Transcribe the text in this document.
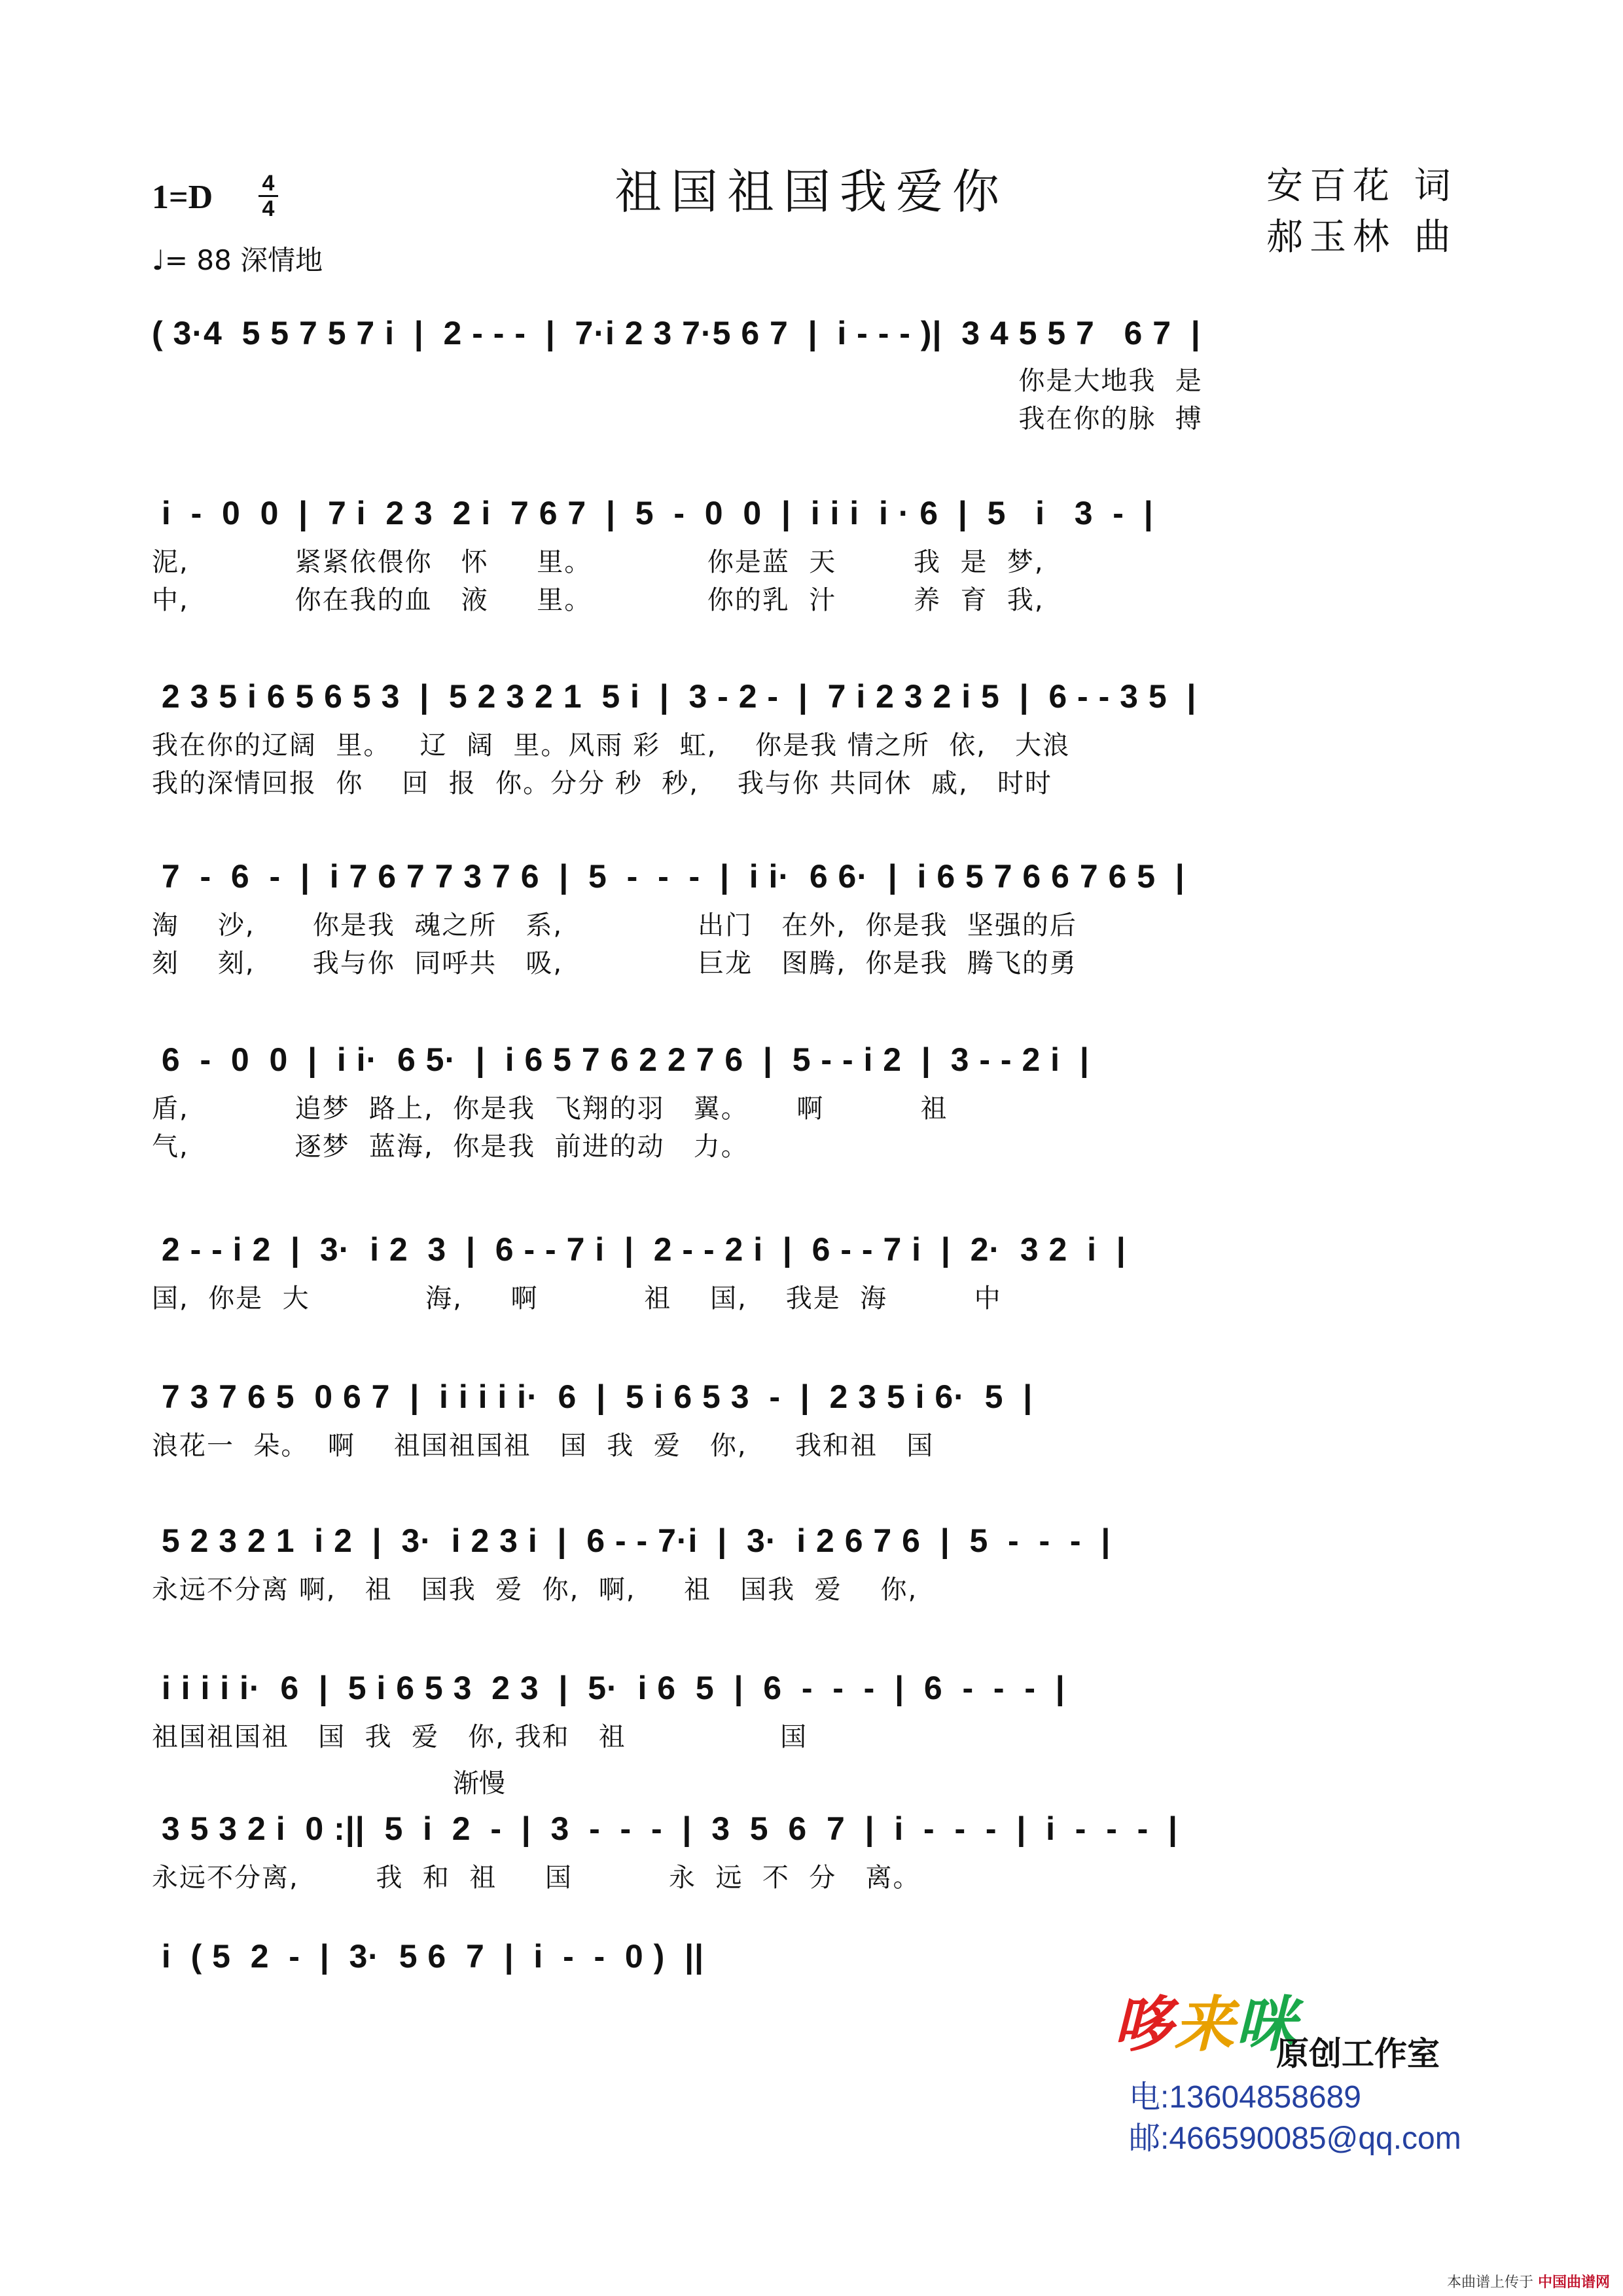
1=D	4
4
♩= 88 深情地
祖国祖国我爱你	安百花 词
郝玉林 曲
( 3·4  5 5 7 5 7 i  |  2 - - -  |  7·i 2 3 7·5 6 7  |  i - - - )|  3 4 5 5 7   6 7  |
你是大地我  是
我在你的脉  搏
i  -  0  0  |  7 i  2 3  2 i  7 6 7  |  5  -  0  0  |  i i i  i · 6  |  5   i   3  -  |
泥,           紧紧依偎你   怀     里。            你是蓝  天        我  是  梦,
中,           你在我的血   液     里。            你的乳  汁        养  育  我,
2 3 5 i 6 5 6 5 3  |  5 2 3 2 1  5 i  |  3 - 2 -  |  7 i 2 3 2 i 5  |  6 - - 3 5  |
我在你的辽阔  里。   辽  阔  里。风雨 彩  虹,    你是我 情之所  依,   大浪
我的深情回报  你    回  报  你。分分 秒  秒,    我与你 共同休  戚,   时时
7  -  6  -  |  i 7 6 7 7 3 7 6  |  5  -  -  -  |  i i·  6 6·  |  i 6 5 7 6 6 7 6 5  |
淘    沙,      你是我  魂之所   系,              出门   在外,  你是我  坚强的后
刻    刻,      我与你  同呼共   吸,              巨龙   图腾,  你是我  腾飞的勇
6  -  0  0  |  i i·  6 5·  |  i 6 5 7 6 2 2 7 6  |  5 - - i 2  |  3 - - 2 i  |
盾,           追梦  路上,  你是我  飞翔的羽   翼。     啊          祖
气,           逐梦  蓝海,  你是我  前进的动   力。
2 - - i 2  |  3·  i 2  3  |  6 - - 7 i  |  2 - - 2 i  |  6 - - 7 i  |  2·  3 2  i  |
国,  你是  大            海,     啊           祖    国,    我是  海         中
7 3 7 6 5  0 6 7  |  i i i i i·  6  |  5 i 6 5 3  -  |  2 3 5 i 6·  5  |
浪花一  朵。  啊    祖国祖国祖   国  我  爱   你,     我和祖   国
5 2 3 2 1  i 2  |  3·  i 2 3 i  |  6 - - 7·i  |  3·  i 2 6 7 6  |  5  -  -  -  |
永远不分离 啊,   祖   国我  爱  你,  啊,     祖   国我  爱    你,
i i i i i·  6  |  5 i 6 5 3  2 3  |  5·  i 6  5  |  6  -  -  -  |  6  -  -  -  |
祖国祖国祖   国  我  爱   你, 我和   祖                国
渐慢
3 5 3 2 i  0 :||  5  i  2  -  |  3  -  -  -  |  3  5  6  7  |  i  -  -  -  |  i  -  -  -  |
永远不分离,        我  和  祖     国          永  远  不  分   离。
i  ( 5  2  -  |  3·  5 6  7  |  i  -  -  0 )  ||
哆来咪
原创工作室
电:13604858689
邮:466590085@qq.com
本曲谱上传于 中国曲谱网
